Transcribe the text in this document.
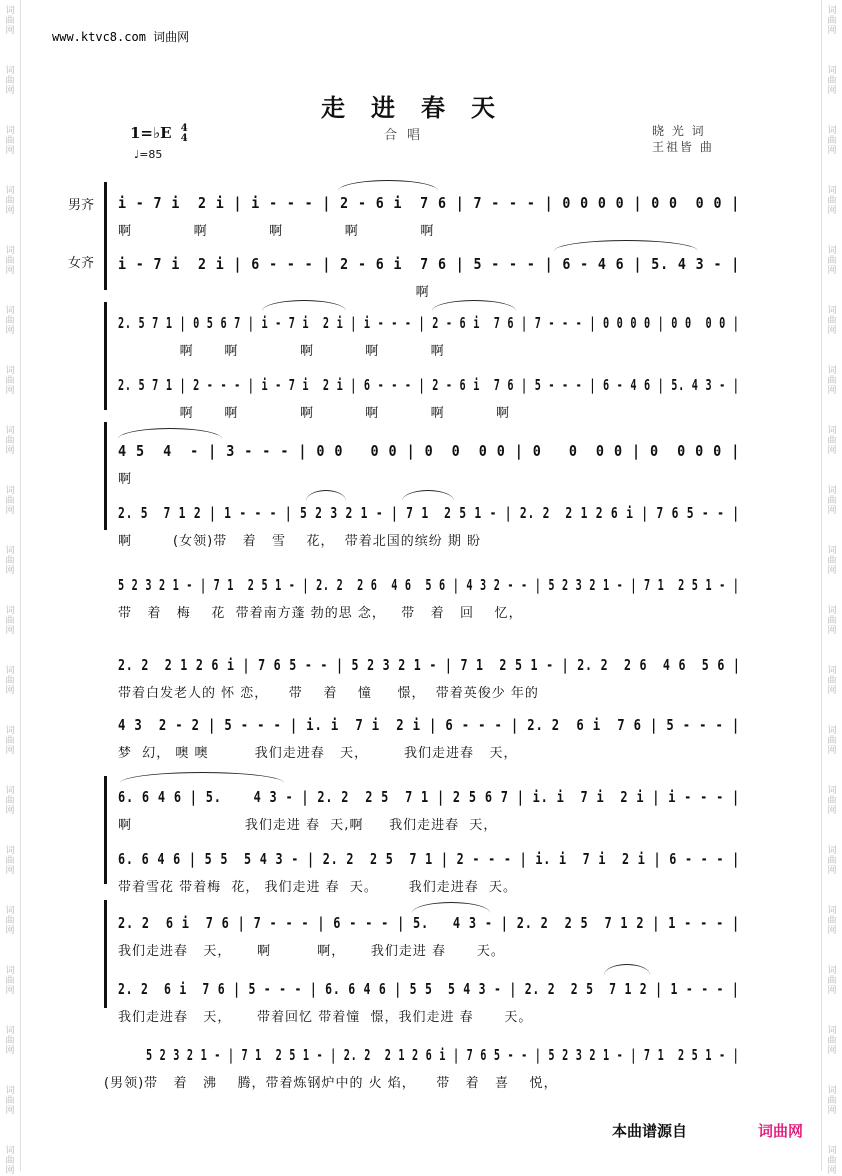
词
曲
网
词
曲
网
词
曲
网
词
曲
网
词
曲
网
词
曲
网
词
曲
网
词
曲
网
词
曲
网
词
曲
网
词
曲
网
词
曲
网
词
曲
网
词
曲
网
词
曲
网
词
曲
网
词
曲
网
词
曲
网
词
曲
网
词
曲
网
词
曲
网
词
曲
网
词
曲
网
词
曲
网
词
曲
网
词
曲
网
词
曲
网
词
曲
网
词
曲
网
词
曲
网
词
曲
网
词
曲
网
词
曲
网
词
曲
网
词
曲
网
词
曲
网
词
曲
网
词
曲
网
词
曲
网
词
曲
网
www.ktvc8.com 词曲网
走进春天
合唱
1=♭E 4
4
♩=85
晓 光 词
王祖皆 曲
男齐
女齐
i - 7 i  2 i | i - - - | 2 - 6 i  7 6 | 7 - - - | 0 0 0 0 | 0 0  0 0 |
啊            啊            啊            啊            啊
i - 7 i  2 i | 6 - - - | 2 - 6 i  7 6 | 5 - - - | 6 - 4 6 | 5. 4 3 - |
啊
2. 5 7 1 | 0 5 6 7 | i - 7 i  2 i | i - - - | 2 - 6 i  7 6 | 7 - - - | 0 0 0 0 | 0 0  0 0 |
啊      啊            啊          啊          啊
2. 5 7 1 | 2 - - - | i - 7 i  2 i | 6 - - - | 2 - 6 i  7 6 | 5 - - - | 6 - 4 6 | 5. 4 3 - |
啊      啊            啊          啊          啊          啊
4 5  4  - | 3 - - - | 0 0   0 0 | 0  0  0 0 | 0   0  0 0 | 0  0 0 0 |
啊
2. 5  7 1 2 | 1 - - - | 5 2 3 2 1 - | 7 1  2 5 1 - | 2. 2  2 1 2 6 i | 7 6 5 - - |
啊        (女领)带   着   雪    花，  带着北国的缤纷 期 盼
5 2 3 2 1 - | 7 1  2 5 1 - | 2. 2  2 6  4 6  5 6 | 4 3 2 - - | 5 2 3 2 1 - | 7 1  2 5 1 - |
带   着   梅    花  带着南方蓬 勃的思 念，   带   着   回    忆，
2. 2  2 1 2 6 i | 7 6 5 - - | 5 2 3 2 1 - | 7 1  2 5 1 - | 2. 2  2 6  4 6  5 6 |
带着白发老人的 怀 恋，    带    着    憧     憬，  带着英俊少 年的
4 3  2 - 2 | 5 - - - | i. i  7 i  2 i | 6 - - - | 2. 2  6 i  7 6 | 5 - - - |
梦  幻， 噢 噢         我们走进春   天，       我们走进春   天，
6. 6 4 6 | 5.    4 3 - | 2. 2  2 5  7 1 | 2 5 6 7 | i. i  7 i  2 i | i - - - |
啊                      我们走进 春  天,啊     我们走进春  天，
6. 6 4 6 | 5 5  5 4 3 - | 2. 2  2 5  7 1 | 2 - - - | i. i  7 i  2 i | 6 - - - |
带着雪花 带着梅  花， 我们走进 春  天。      我们走进春  天。
2. 2  6 i  7 6 | 7 - - - | 6 - - - | 5.   4 3 - | 2. 2  2 5  7 1 2 | 1 - - - |
我们走进春   天，     啊         啊，     我们走进 春      天。
2. 2  6 i  7 6 | 5 - - - | 6. 6 4 6 | 5 5  5 4 3 - | 2. 2  2 5  7 1 2 | 1 - - - |
我们走进春   天，     带着回忆 带着憧  憬，我们走进 春      天。
5 2 3 2 1 - | 7 1  2 5 1 - | 2. 2  2 1 2 6 i | 7 6 5 - - | 5 2 3 2 1 - | 7 1  2 5 1 - |
(男领)带   着   沸    腾，带着炼钢炉中的 火 焰，    带   着   喜    悦，
本曲谱源自	词曲网
